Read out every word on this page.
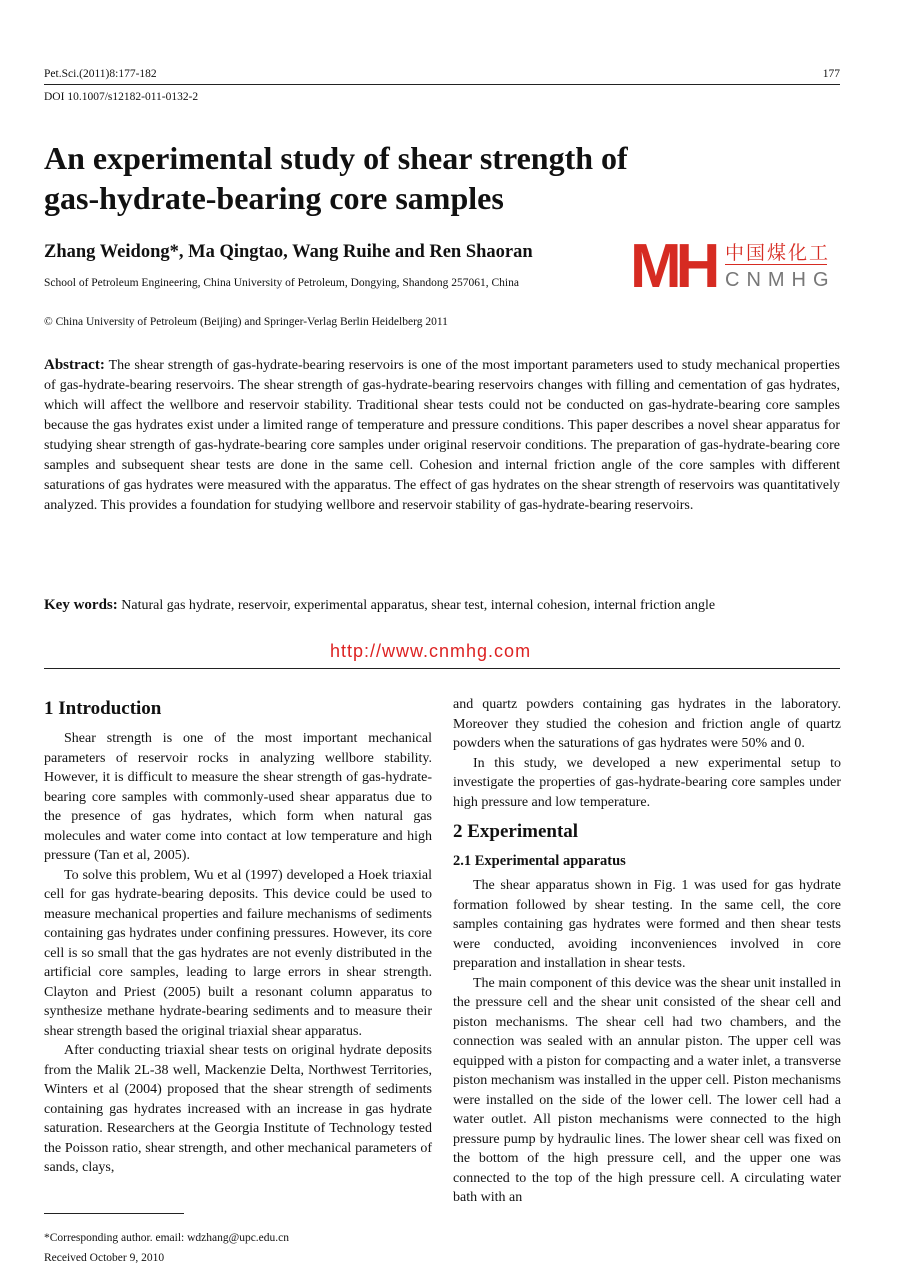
Pet.Sci.(2011)8:177-182	177
DOI 10.1007/s12182-011-0132-2
An experimental study of shear strength of
gas-hydrate-bearing core samples
Zhang Weidong*, Ma Qingtao, Wang Ruihe and Ren Shaoran
School of Petroleum Engineering, China University of Petroleum, Dongying, Shandong 257061, China
© China University of Petroleum (Beijing) and Springer-Verlag Berlin Heidelberg 2011
Abstract: The shear strength of gas-hydrate-bearing reservoirs is one of the most important parameters used to study mechanical properties of gas-hydrate-bearing reservoirs. The shear strength of gas-hydrate-bearing reservoirs changes with filling and cementation of gas hydrates, which will affect the wellbore and reservoir stability. Traditional shear tests could not be conducted on gas-hydrate-bearing core samples because the gas hydrates exist under a limited range of temperature and pressure conditions. This paper describes a novel shear apparatus for studying shear strength of gas-hydrate-bearing core samples under original reservoir conditions. The preparation of gas-hydrate-bearing core samples and subsequent shear tests are done in the same cell. Cohesion and internal friction angle of the core samples with different saturations of gas hydrates were measured with the apparatus. The effect of gas hydrates on the shear strength of reservoirs was quantitatively analyzed. This provides a foundation for studying wellbore and reservoir stability of gas-hydrate-bearing reservoirs.
Key words: Natural gas hydrate, reservoir, experimental apparatus, shear test, internal cohesion, internal friction angle
http://www.cnmhg.com
1 Introduction

Shear strength is one of the most important mechanical parameters of reservoir rocks in analyzing wellbore stability. However, it is difficult to measure the shear strength of gas-hydrate-bearing core samples with commonly-used shear apparatus due to the presence of gas hydrates, which form when natural gas molecules and water come into contact at low temperature and high pressure (Tan et al, 2005).

To solve this problem, Wu et al (1997) developed a Hoek triaxial cell for gas hydrate-bearing deposits. This device could be used to measure mechanical properties and failure mechanisms of sediments containing gas hydrates under confining pressures. However, its core cell is so small that the gas hydrates are not evenly distributed in the artificial core samples, leading to large errors in shear strength. Clayton and Priest (2005) built a resonant column apparatus to synthesize methane hydrate-bearing sediments and to measure their shear strength based the original triaxial shear apparatus.

After conducting triaxial shear tests on original hydrate deposits from the Malik 2L-38 well, Mackenzie Delta, Northwest Territories, Winters et al (2004) proposed that the shear strength of sediments containing gas hydrates increased with an increase in gas hydrate saturation. Researchers at the Georgia Institute of Technology tested the Poisson ratio, shear strength, and other mechanical parameters of sands, clays,

and quartz powders containing gas hydrates in the laboratory. Moreover they studied the cohesion and friction angle of quartz powders when the saturations of gas hydrates were 50% and 0.

In this study, we developed a new experimental setup to investigate the properties of gas-hydrate-bearing core samples under high pressure and low temperature.

2 Experimental
2.1 Experimental apparatus

The shear apparatus shown in Fig. 1 was used for gas hydrate formation followed by shear testing. In the same cell, the core samples containing gas hydrates were formed and then shear tests were conducted, avoiding inconveniences involved in core preparation and installation in shear tests.

The main component of this device was the shear unit installed in the pressure cell and the shear unit consisted of the shear cell and piston mechanisms. The shear cell had two chambers, and the connection was sealed with an annular piston. The upper cell was equipped with a piston for compacting and a water inlet, a transverse piston mechanism was installed in the upper cell. Piston mechanisms were installed on the side of the lower cell. The lower cell had a water outlet. All piston mechanisms were connected to the high pressure pump by hydraulic lines. The lower shear cell was fixed on the bottom of the high pressure cell, and the upper one was connected to the top of the high pressure cell. A circulating water bath with an

*Corresponding author. email: wdzhang@upc.edu.cn
Received October 9, 2010
MH 中国煤化工
CNMHG
